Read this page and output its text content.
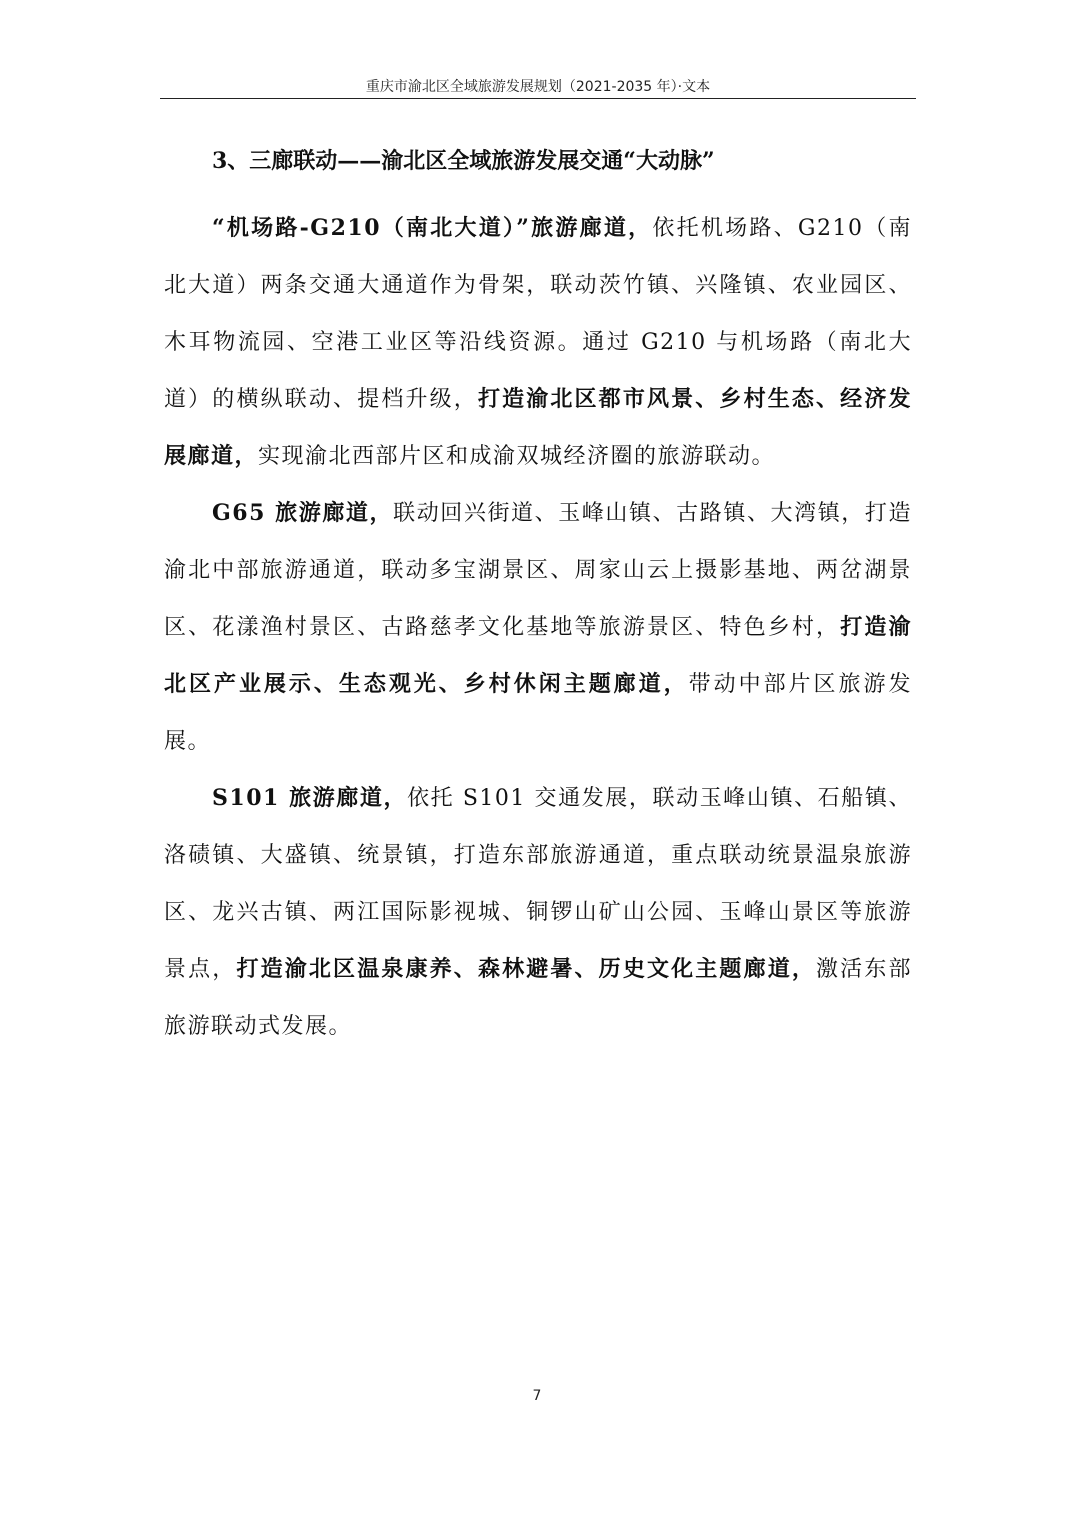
重庆市渝北区全域旅游发展规划（2021-2035 年）·文本
3、三廊联动——渝北区全域旅游发展交通“大动脉”

“机场路-G210（南北大道）”旅游廊道，依托机场路、G210（南北大道）两条交通大通道作为骨架，联动茨竹镇、兴隆镇、农业园区、木耳物流园、空港工业区等沿线资源。通过 G210 与机场路（南北大道）的横纵联动、提档升级，打造渝北区都市风景、乡村生态、经济发展廊道，实现渝北西部片区和成渝双城经济圈的旅游联动。

G65 旅游廊道，联动回兴街道、玉峰山镇、古路镇、大湾镇，打造渝北中部旅游通道，联动多宝湖景区、周家山云上摄影基地、两岔湖景区、花漾渔村景区、古路慈孝文化基地等旅游景区、特色乡村，打造渝北区产业展示、生态观光、乡村休闲主题廊道，带动中部片区旅游发展。

S101 旅游廊道，依托 S101 交通发展，联动玉峰山镇、石船镇、洛碛镇、大盛镇、统景镇，打造东部旅游通道，重点联动统景温泉旅游区、龙兴古镇、两江国际影视城、铜锣山矿山公园、玉峰山景区等旅游景点，打造渝北区温泉康养、森林避暑、历史文化主题廊道，激活东部旅游联动式发展。

7
